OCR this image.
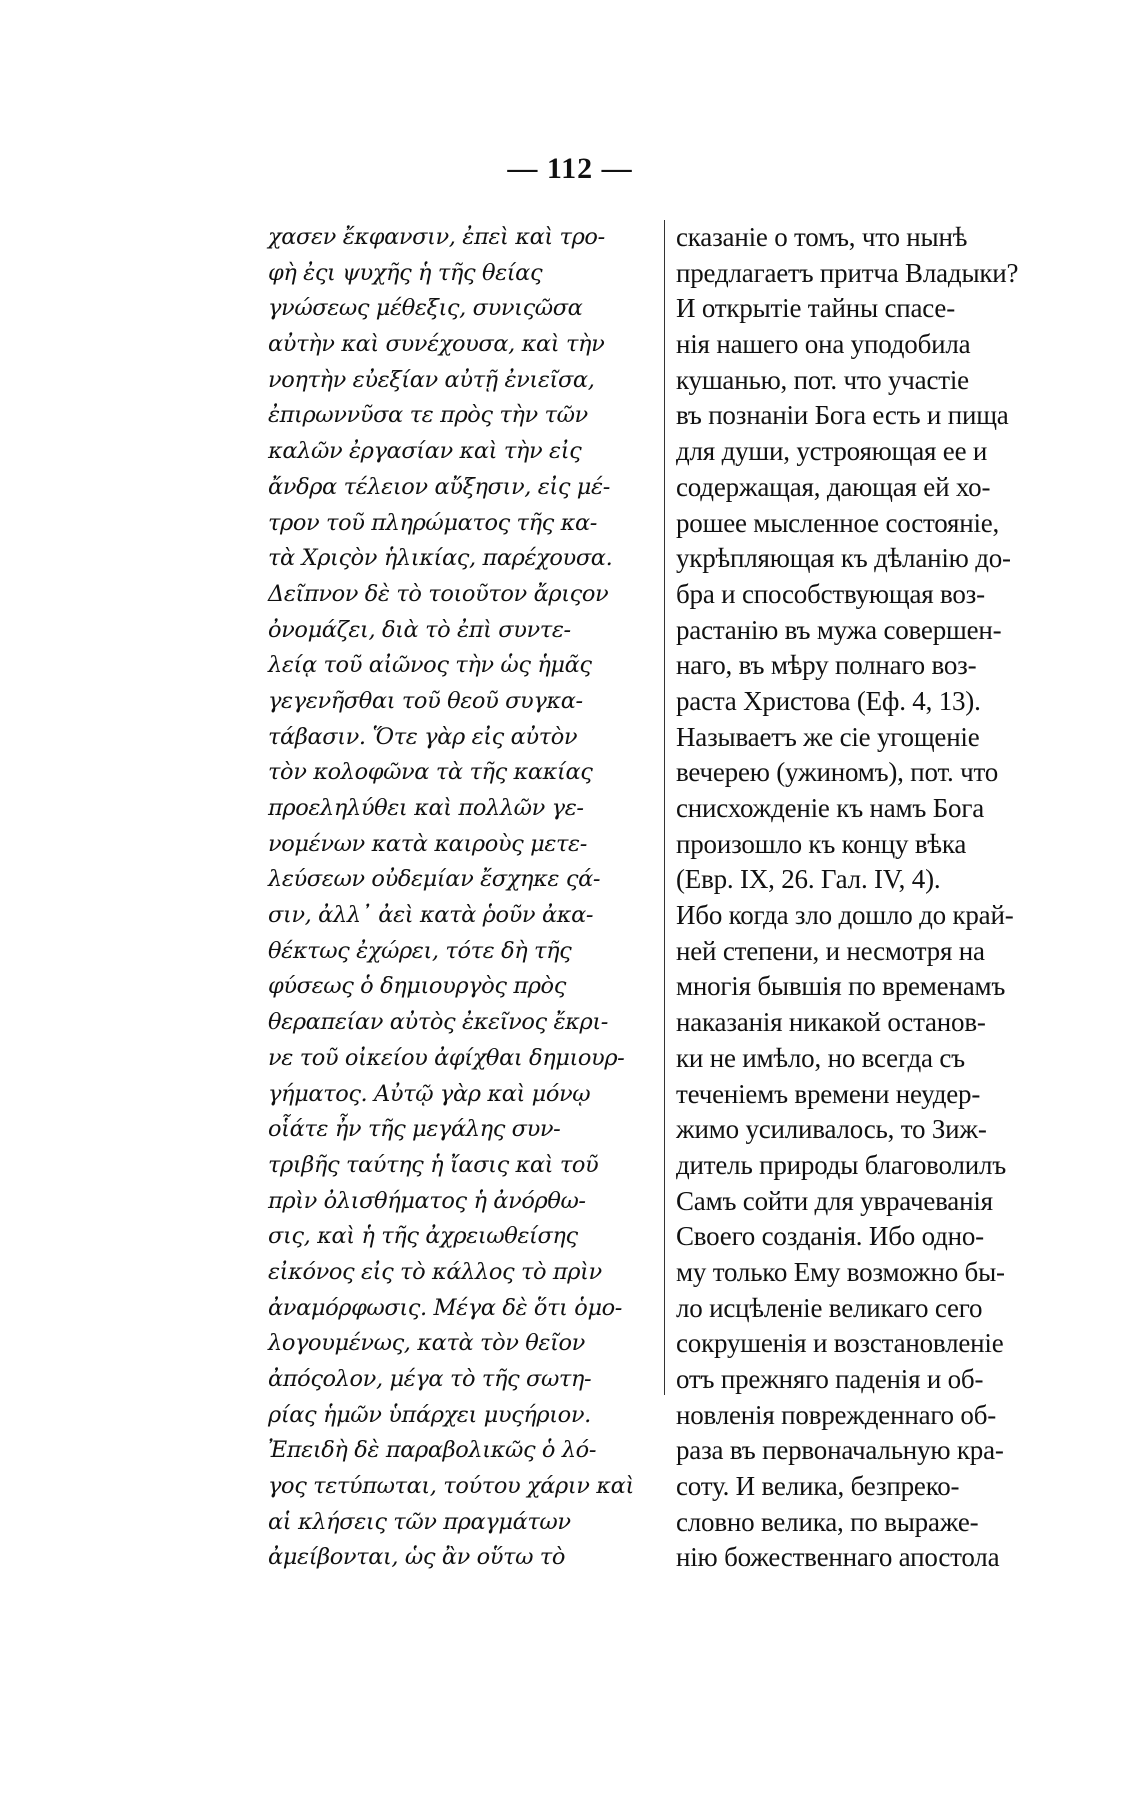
— 112 —
χασεν ἔκφανσιν, ἐπεὶ καὶ τρο-
φὴ ἐςι ψυχῆς ἡ τῆς θείας
γνώσεως μέθεξις, συνιςῶσα
αὐτὴν καὶ συνέχουσα, καὶ τὴν
νοητὴν εὐεξίαν αὐτῇ ἐνιεῖσα,
ἐπιρωννῦσα τε πρὸς τὴν τῶν
καλῶν ἐργασίαν καὶ τὴν εἰς
ἄνδρα τέλειον αὔξησιν, εἰς μέ-
τρον τοῦ πληρώματος τῆς κα-
τὰ Χριςὸν ἡλικίας, παρέχουσα.
Δεῖπνον δὲ τὸ τοιοῦτον ἄριςον
ὀνομάζει, διὰ τὸ ἐπὶ συντε-
λείᾳ τοῦ αἰῶνος τὴν ὡς ἡμᾶς
γεγενῆσθαι τοῦ θεοῦ συγκα-
τάβασιν. Ὅτε γὰρ εἰς αὐτὸν
τὸν κολοφῶνα τὰ τῆς κακίας
προεληλύθει καὶ πολλῶν γε-
νομένων κατὰ καιροὺς μετε-
λεύσεων οὐδεμίαν ἔσχηκε ςά-
σιν, ἀλλ᾽ ἀεὶ κατὰ ῥοῦν ἀκα-
θέκτως ἐχώρει, τότε δὴ τῆς
φύσεως ὁ δημιουργὸς πρὸς
θεραπείαν αὐτὸς ἐκεῖνος ἔκρι-
νε τοῦ οἰκείου ἀφίχθαι δημιουρ-
γήματος. Αὐτῷ γὰρ καὶ μόνῳ
οἷάτε ἦν τῆς μεγάλης συν-
τριβῆς ταύτης ἡ ἴασις καὶ τοῦ
πρὶν ὀλισθήματος ἡ ἀνόρθω-
σις, καὶ ἡ τῆς ἀχρειωθείσης
εἰκόνος εἰς τὸ κάλλος τὸ πρὶν
ἀναμόρφωσις. Μέγα δὲ ὅτι ὁμο-
λογουμένως, κατὰ τὸν θεῖον
ἀπόςολον, μέγα τὸ τῆς σωτη-
ρίας ἡμῶν ὑπάρχει μυςήριον.
Ἐπειδὴ δὲ παραβολικῶς ὁ λό-
γος τετύπωται, τούτου χάριν καὶ
αἱ κλήσεις τῶν πραγμάτων
ἀμείβονται, ὡς ἂν οὕτω τὸ
сказаніе о томъ, что нынѣ
предлагаетъ притча Владыки?
И открытіе тайны спасе-
нія нашего она уподобила
кушанью, пот. что участіе
въ познаніи Бога есть и пища
для души, устрояющая ее и
содержащая, дающая ей хо-
рошее мысленное состояніе,
укрѣпляющая къ дѣланію до-
бра и способствующая воз-
растанію въ мужа совершен-
наго, въ мѣру полнаго воз-
раста Христова (Еф. 4, 13).
Называетъ же сіе угощеніе
вечерею (ужиномъ), пот. что
снисхожденіе къ намъ Бога
произошло къ концу вѣка
(Евр. IX, 26. Гал. IV, 4).
Ибо когда зло дошло до край-
ней степени, и несмотря на
многія бывшія по временамъ
наказанія никакой останов-
ки не имѣло, но всегда съ
теченіемъ времени неудер-
жимо усиливалось, то Зиж-
дитель природы благоволилъ
Самъ сойти для уврачеванія
Своего созданія. Ибо одно-
му только Ему возможно бы-
ло исцѣленіе великаго сего
сокрушенія и возстановленіе
отъ прежняго паденія и об-
новленія поврежденнаго об-
раза въ первоначальную кра-
соту. И велика, безпреко-
словно велика, по выраже-
нію божественнаго апостола
